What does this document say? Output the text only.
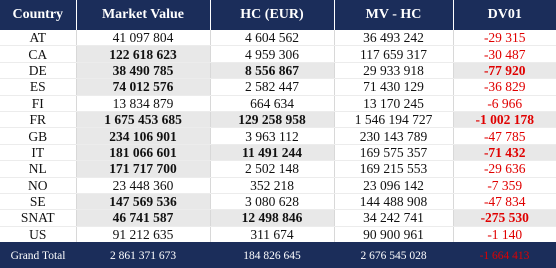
Country	Market Value	HC (EUR)	MV - HC	DV01
AT	41 097 804	4 604 562	36 493 242	-29 315
CA	122 618 623	4 959 306	117 659 317	-30 487
DE	38 490 785	8 556 867	29 933 918	-77 920
ES	74 012 576	2 582 447	71 430 129	-36 829
FI	13 834 879	664 634	13 170 245	-6 966
FR	1 675 453 685	129 258 958	1 546 194 727	-1 002 178
GB	234 106 901	3 963 112	230 143 789	-47 785
IT	181 066 601	11 491 244	169 575 357	-71 432
NL	171 717 700	2 502 148	169 215 553	-29 636
NO	23 448 360	352 218	23 096 142	-7 359
SE	147 569 536	3 080 628	144 488 908	-47 834
SNAT	46 741 587	12 498 846	34 242 741	-275 530
US	91 212 635	311 674	90 900 961	-1 140
Grand Total	2 861 371 673	184 826 645	2 676 545 028	-1 664 413
